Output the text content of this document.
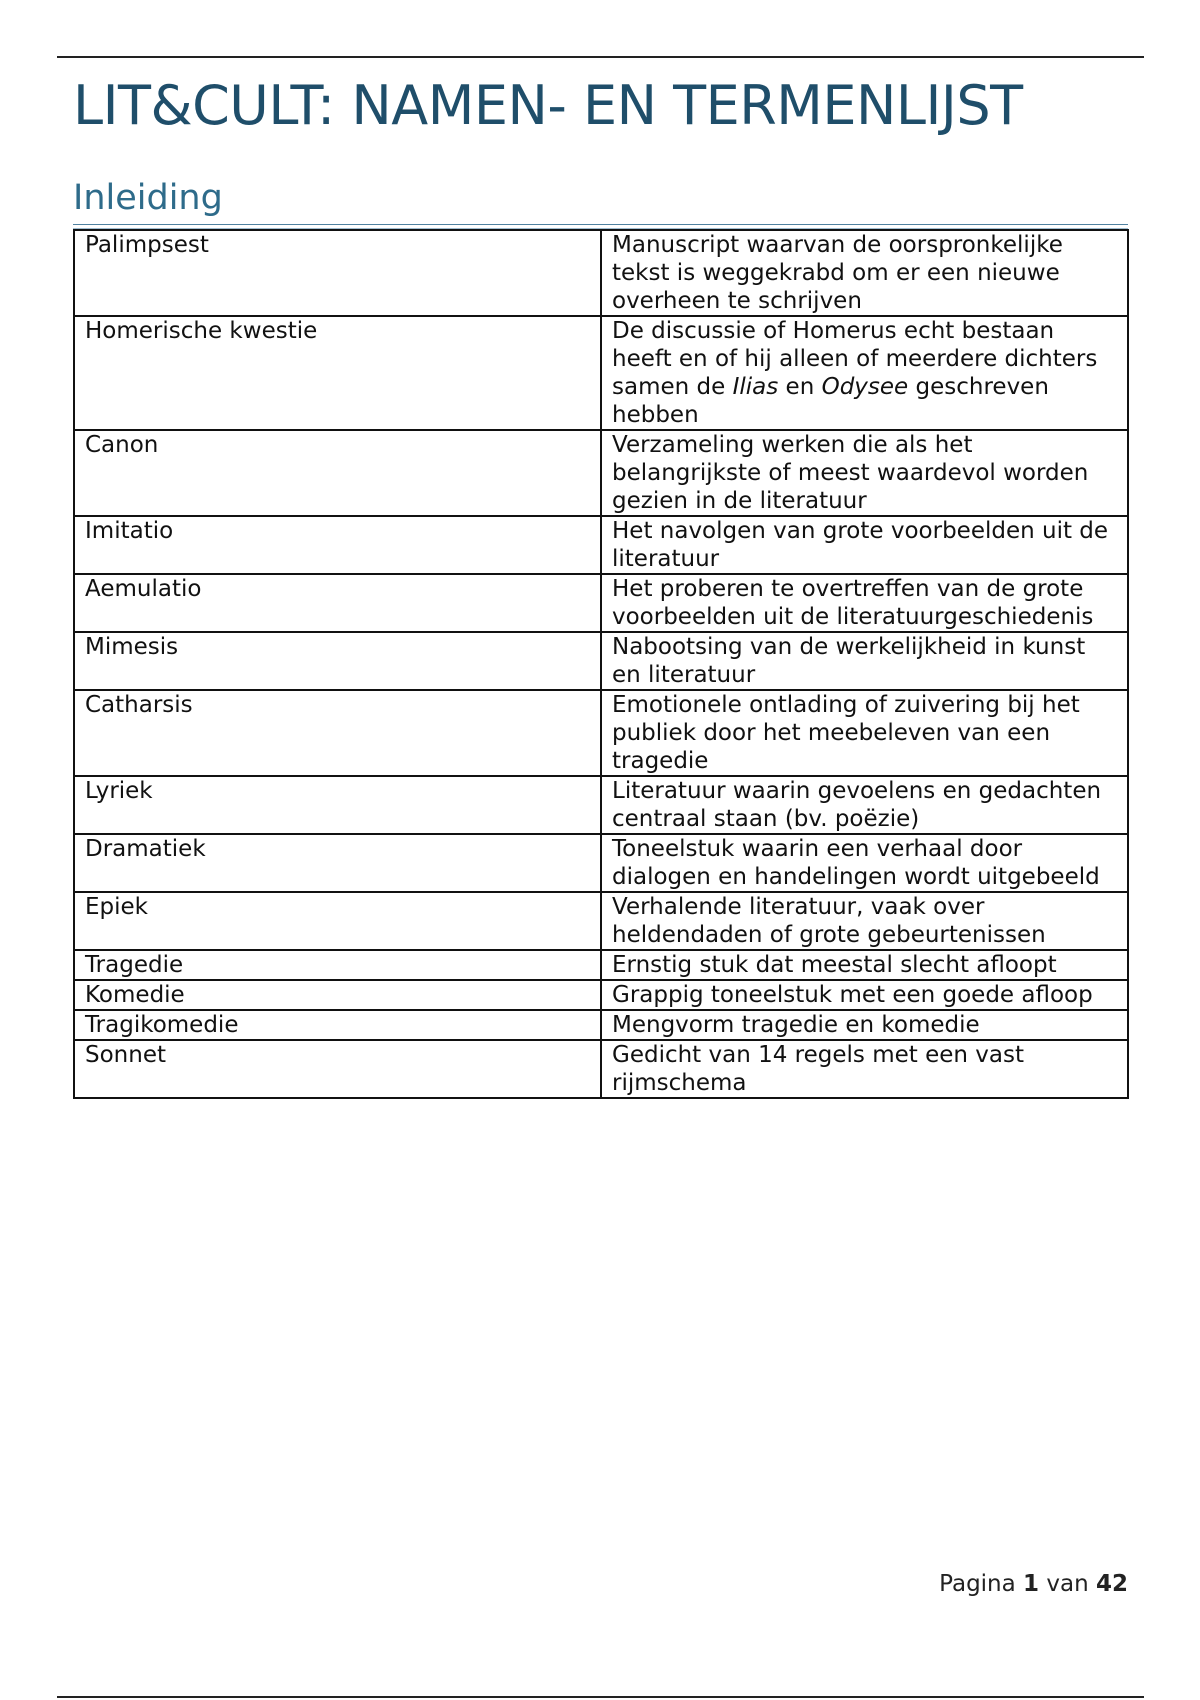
LIT&CULT: NAMEN- EN TERMENLIJST
Inleiding
Palimpsest	Manuscript waarvan de oorspronkelijke tekst is weggekrabd om er een nieuwe overheen te schrijven
Homerische kwestie	De discussie of Homerus echt bestaan heeft en of hij alleen of meerdere dichters samen de Ilias en Odysee geschreven hebben
Canon	Verzameling werken die als het belangrijkste of meest waardevol worden gezien in de literatuur
Imitatio	Het navolgen van grote voorbeelden uit de literatuur
Aemulatio	Het proberen te overtreffen van de grote voorbeelden uit de literatuurgeschiedenis
Mimesis	Nabootsing van de werkelijkheid in kunst en literatuur
Catharsis	Emotionele ontlading of zuivering bij het publiek door het meebeleven van een tragedie
Lyriek	Literatuur waarin gevoelens en gedachten centraal staan (bv. poëzie)
Dramatiek	Toneelstuk waarin een verhaal door dialogen en handelingen wordt uitgebeeld
Epiek	Verhalende literatuur, vaak over heldendaden of grote gebeurtenissen
Tragedie	Ernstig stuk dat meestal slecht afloopt
Komedie	Grappig toneelstuk met een goede afloop
Tragikomedie	Mengvorm tragedie en komedie
Sonnet	Gedicht van 14 regels met een vast rijmschema
Pagina 1 van 42
